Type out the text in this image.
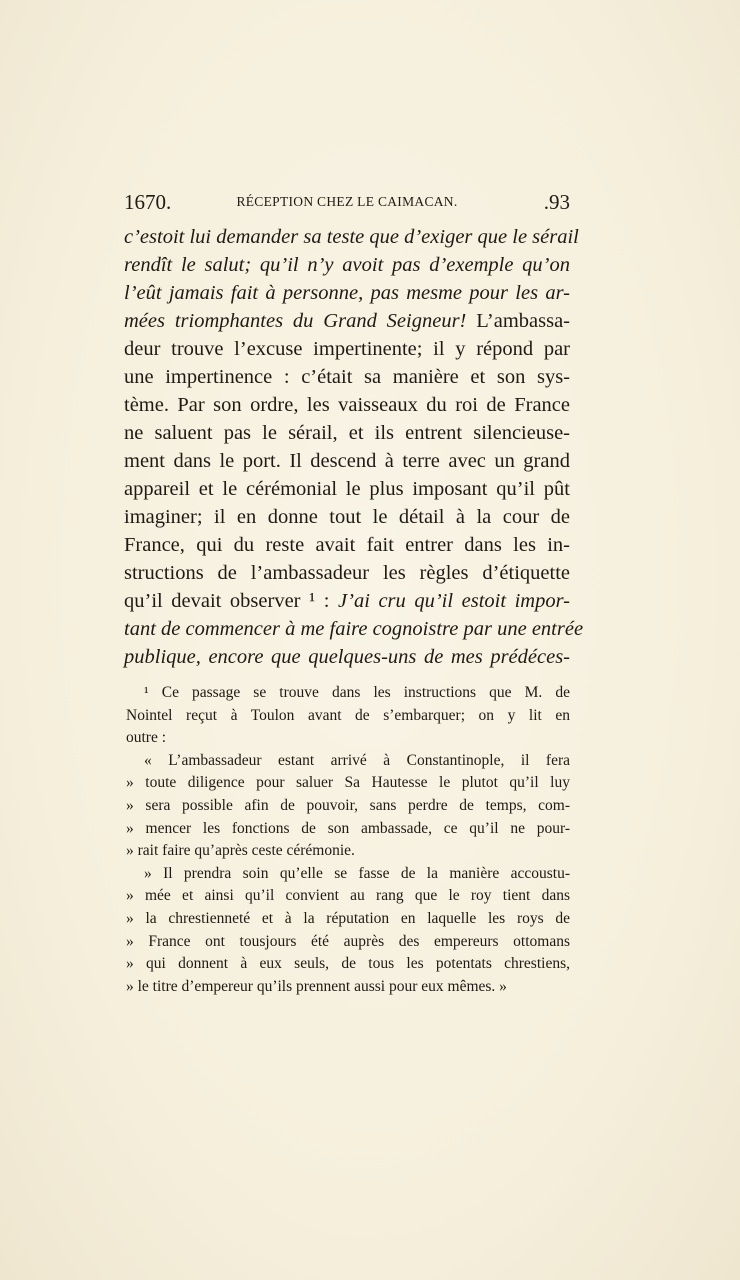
1670.	RÉCEPTION CHEZ LE CAIMACAN.	.93
c’estoit lui demander sa teste que d’exiger que le sérail
rendît le salut; qu’il n’y avoit pas d’exemple qu’on
l’eût jamais fait à personne, pas mesme pour les ar-
mées triomphantes du Grand Seigneur! L’ambassa-
deur trouve l’excuse impertinente; il y répond par
une impertinence : c’était sa manière et son sys-
tème. Par son ordre, les vaisseaux du roi de France
ne saluent pas le sérail, et ils entrent silencieuse-
ment dans le port. Il descend à terre avec un grand
appareil et le cérémonial le plus imposant qu’il pût
imaginer; il en donne tout le détail à la cour de
France, qui du reste avait fait entrer dans les in-
structions de l’ambassadeur les règles d’étiquette
qu’il devait observer ¹ : J’ai cru qu’il estoit impor-
tant de commencer à me faire cognoistre par une entrée
publique, encore que quelques-uns de mes prédéces-
¹ Ce passage se trouve dans les instructions que M. de
Nointel reçut à Toulon avant de s’embarquer; on y lit en
outre :
« L’ambassadeur estant arrivé à Constantinople, il fera
» toute diligence pour saluer Sa Hautesse le plutot qu’il luy
» sera possible afin de pouvoir, sans perdre de temps, com-
» mencer les fonctions de son ambassade, ce qu’il ne pour-
» rait faire qu’après ceste cérémonie.
» Il prendra soin qu’elle se fasse de la manière accoustu-
» mée et ainsi qu’il convient au rang que le roy tient dans
» la chrestienneté et à la réputation en laquelle les roys de
» France ont tousjours été auprès des empereurs ottomans
» qui donnent à eux seuls, de tous les potentats chrestiens,
» le titre d’empereur qu’ils prennent aussi pour eux mêmes. »
